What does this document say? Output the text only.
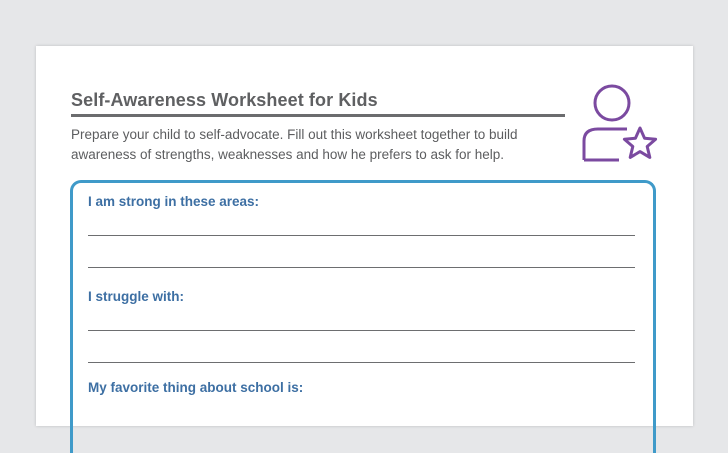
Self-Awareness Worksheet for Kids
Prepare your child to self-advocate. Fill out this worksheet together to build
awareness of strengths, weaknesses and how he prefers to ask for help.
I am strong in these areas:
I struggle with:
My favorite thing about school is:
